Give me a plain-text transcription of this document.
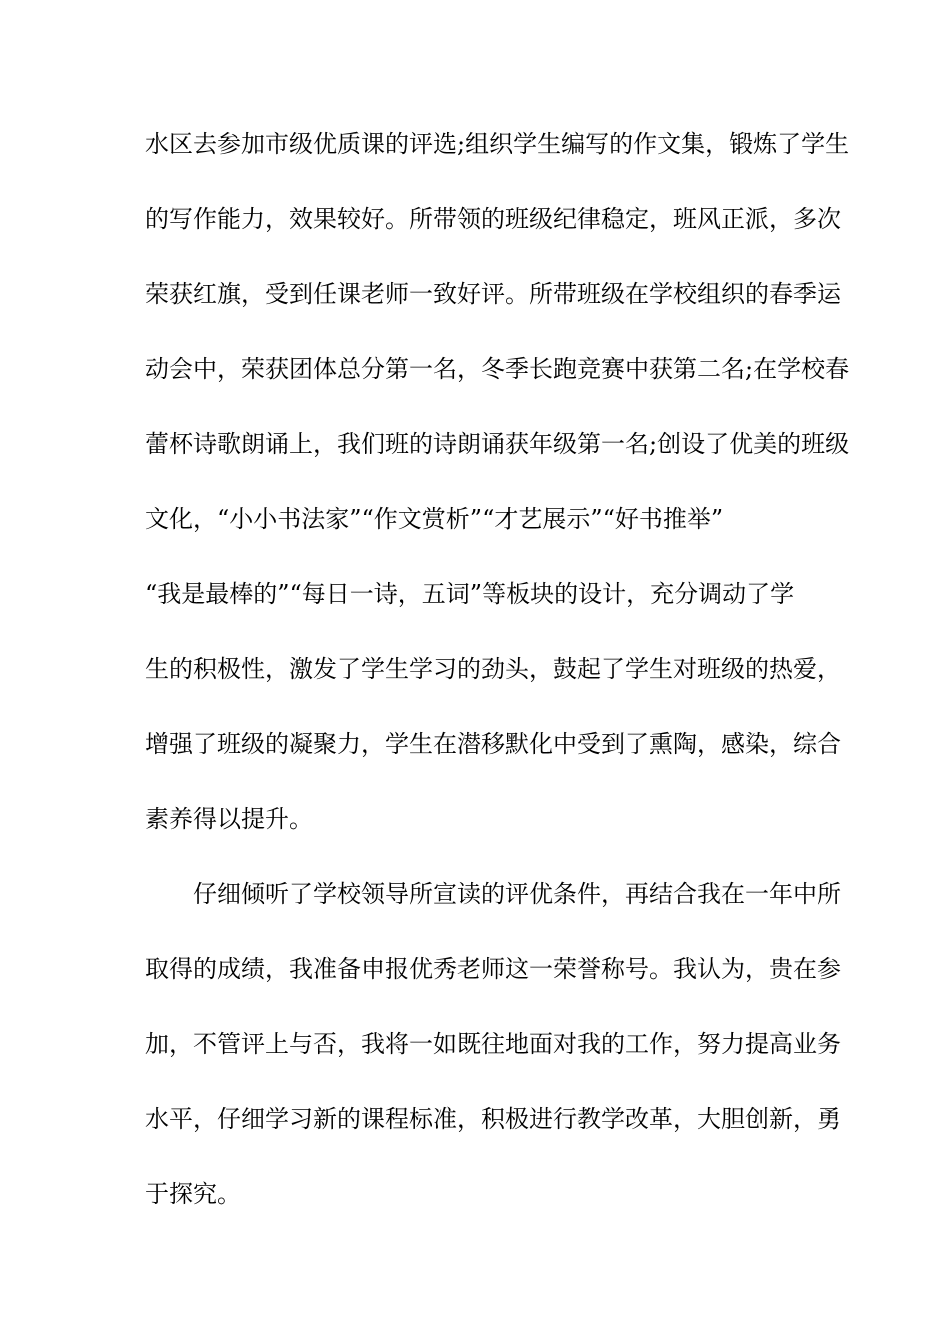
水区去参加市级优质课的评选;组织学生编写的作文集，锻炼了学生
的写作能力，效果较好。所带领的班级纪律稳定，班风正派，多次
荣获红旗，受到任课老师一致好评。所带班级在学校组织的春季运
动会中，荣获团体总分第一名，冬季长跑竞赛中获第二名;在学校春
蕾杯诗歌朗诵上，我们班的诗朗诵获年级第一名;创设了优美的班级
文化，“小小书法家”“作文赏析”“才艺展示”“好书推举”
“我是最棒的”“每日一诗，五词”等板块的设计，充分调动了学
生的积极性，激发了学生学习的劲头，鼓起了学生对班级的热爱，
增强了班级的凝聚力，学生在潜移默化中受到了熏陶，感染，综合
素养得以提升。
仔细倾听了学校领导所宣读的评优条件，再结合我在一年中所
取得的成绩，我准备申报优秀老师这一荣誉称号。我认为，贵在参
加，不管评上与否，我将一如既往地面对我的工作，努力提高业务
水平，仔细学习新的课程标准，积极进行教学改革，大胆创新，勇
于探究。
